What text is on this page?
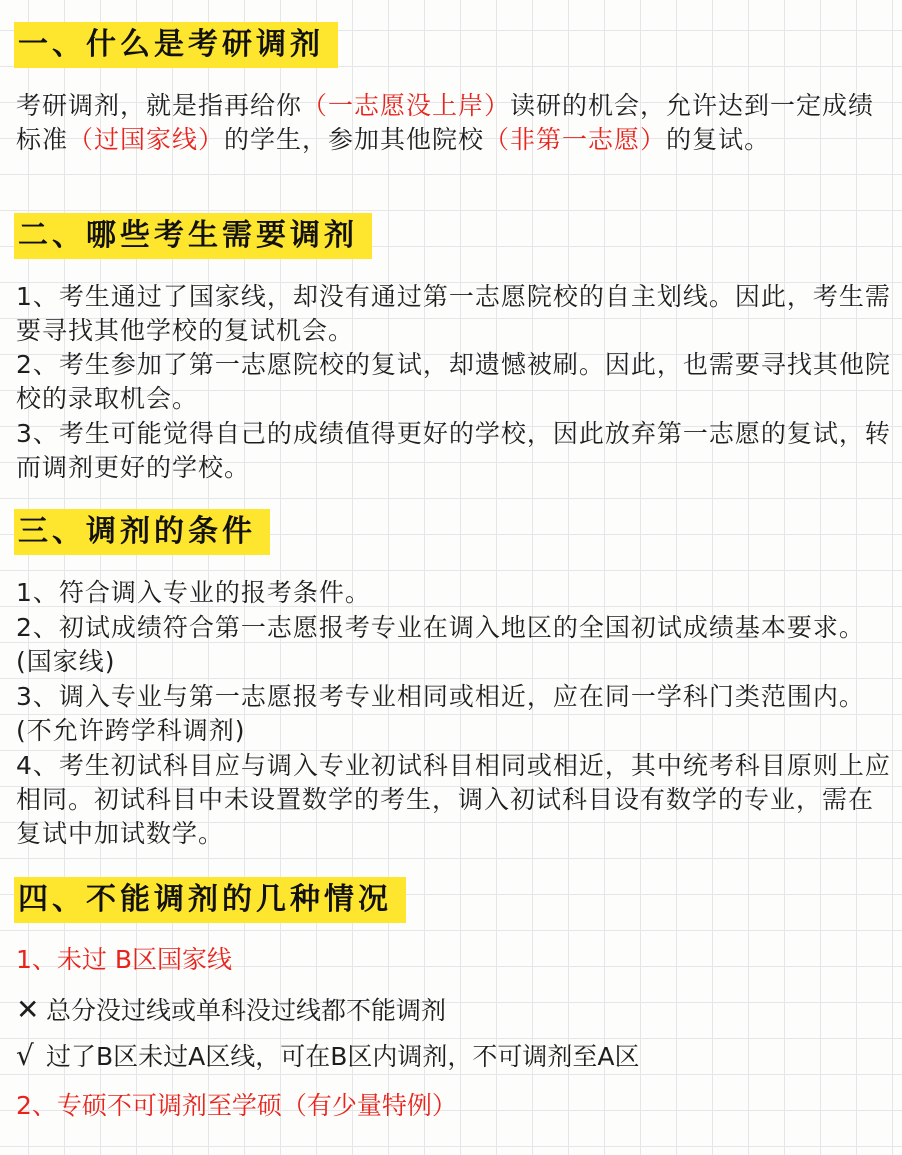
一、什么是考研调剂

考研调剂，就是指再给你（一志愿没上岸）读研的机会，允许达到一定成绩标准（过国家线）的学生，参加其他院校（非第一志愿）的复试。

二、哪些考生需要调剂

1、考生通过了国家线，却没有通过第一志愿院校的自主划线。因此，考生需要寻找其他学校的复试机会。

2、考生参加了第一志愿院校的复试，却遗憾被刷。因此，也需要寻找其他院校的录取机会。

3、考生可能觉得自己的成绩值得更好的学校，因此放弃第一志愿的复试，转而调剂更好的学校。

三、调剂的条件

1、符合调入专业的报考条件。

2、初试成绩符合第一志愿报考专业在调入地区的全国初试成绩基本要求。(国家线)

3、调入专业与第一志愿报考专业相同或相近，应在同一学科门类范围内。(不允许跨学科调剂)

4、考生初试科目应与调入专业初试科目相同或相近，其中统考科目原则上应相同。初试科目中未设置数学的考生，调入初试科目设有数学的专业，需在复试中加试数学。

四、不能调剂的几种情况
1、未过 B区国家线
✕ 总分没过线或单科没过线都不能调剂
√ 过了B区未过A区线，可在B区内调剂，不可调剂至A区
2、专硕不可调剂至学硕（有少量特例）
